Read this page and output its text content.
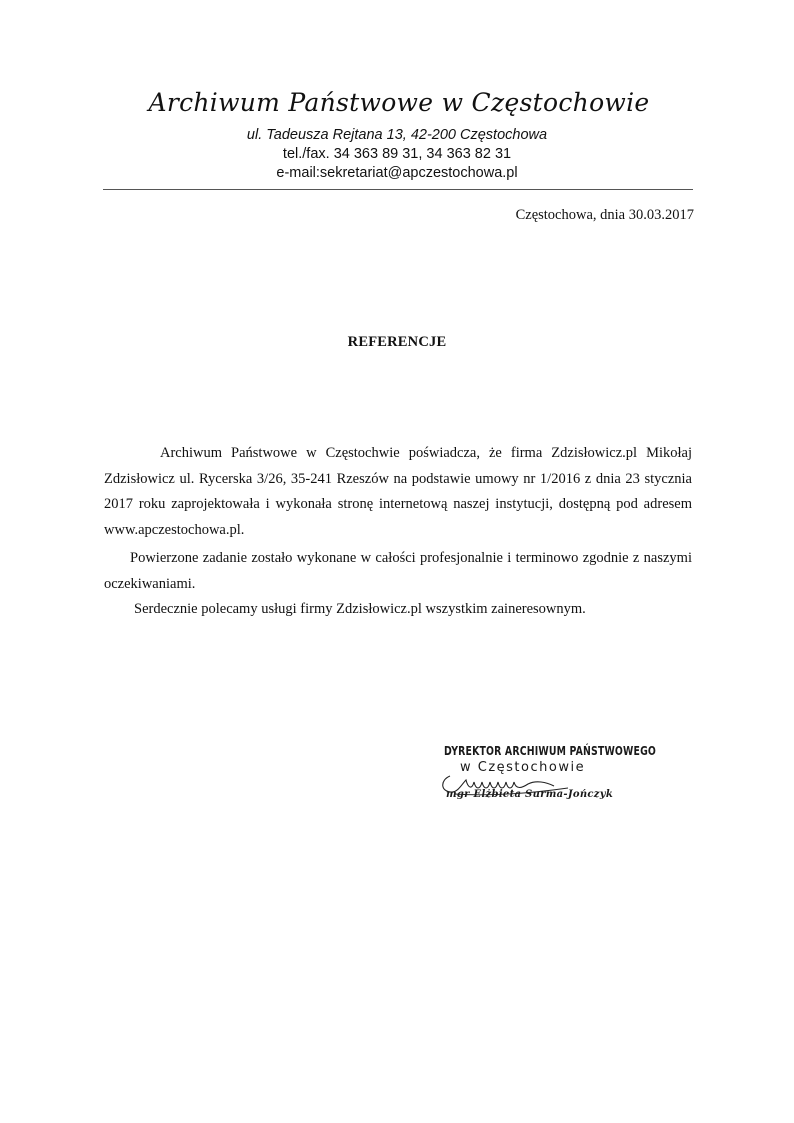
Archiwum Państwowe w Częstochowie
ul. Tadeusza Rejtana 13, 42-200 Częstochowa
tel./fax. 34 363 89 31, 34 363 82 31
e-mail:sekretariat@apczestochowa.pl
Częstochowa, dnia 30.03.2017
REFERENCJE

Archiwum Państwowe w Częstochwie poświadcza, że firma Zdzisłowicz.pl Mikołaj Zdzisłowicz ul. Rycerska 3/26, 35-241 Rzeszów na podstawie umowy nr 1/2016 z dnia 23 stycznia 2017 roku zaprojektowała i wykonała stronę internetową naszej instytucji, dostępną pod adresem www.apczestochowa.pl.

Powierzone zadanie zostało wykonane w całości profesjonalnie i terminowo zgodnie z naszymi oczekiwaniami.

Serdecznie polecamy usługi firmy Zdzisłowicz.pl wszystkim zaineresownym.

DYREKTOR ARCHIWUM PAŃSTWOWEGO
w Częstochowie
mgr Elżbieta Surma-Jończyk
